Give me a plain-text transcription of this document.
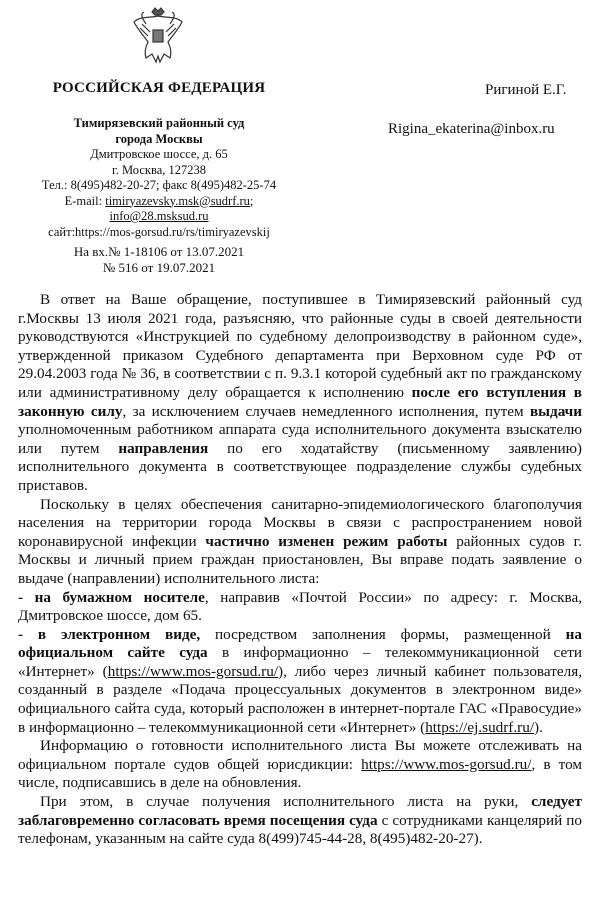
РОССИЙСКАЯ ФЕДЕРАЦИЯ
Тимирязевский районный суд
города Москвы
Дмитровское шоссе, д. 65
г. Москва, 127238
Тел.: 8(495)482-20-27; факс 8(495)482-25-74
E-mail: timiryazevsky.msk@sudrf.ru;
info@28.msksud.ru
сайт:https://mos-gorsud.ru/rs/timiryazevskij
На вх.№ 1-18106 от 13.07.2021
№ 516 от 19.07.2021
Ригиной Е.Г.
Rigina_ekaterina@inbox.ru

В ответ на Ваше обращение, поступившее в Тимирязевский районный суд г.Москвы 13 июля 2021 года, разъясняю, что районные суды в своей деятельности руководствуются «Инструкцией по судебному делопроизводству в районном суде», утвержденной приказом Судебного департамента при Верховном суде РФ от 29.04.2003 года № 36, в соответствии с п. 9.3.1 которой судебный акт по гражданскому или административному делу обращается к исполнению после его вступления в законную силу, за исключением случаев немедленного исполнения, путем выдачи уполномоченным работником аппарата суда исполнительного документа взыскателю или путем направления по его ходатайству (письменному заявлению) исполнительного документа в соответствующее подразделение службы судебных приставов.

Поскольку в целях обеспечения санитарно-эпидемиологического благополучия населения на территории города Москвы в связи с распространением новой коронавирусной инфекции частично изменен режим работы районных судов г. Москвы и личный прием граждан приостановлен, Вы вправе подать заявление о выдаче (направлении) исполнительного листа:

- на бумажном носителе, направив «Почтой России» по адресу: г. Москва, Дмитровское шоссе, дом 65.

- в электронном виде, посредством заполнения формы, размещенной на официальном сайте суда в информационно – телекоммуникационной сети «Интернет» (https://www.mos-gorsud.ru/), либо через личный кабинет пользователя, созданный в разделе «Подача процессуальных документов в электронном виде» официального сайта суда, который расположен в интернет-портале ГАС «Правосудие» в информационно – телекоммуникационной сети «Интернет» (https://ej.sudrf.ru/).

Информацию о готовности исполнительного листа Вы можете отслеживать на официальном портале судов общей юрисдикции: https://www.mos-gorsud.ru/, в том числе, подписавшись в деле на обновления.

При этом, в случае получения исполнительного листа на руки, следует заблаговременно согласовать время посещения суда с сотрудниками канцелярий по телефонам, указанным на сайте суда 8(499)745-44-28, 8(495)482-20-27).
